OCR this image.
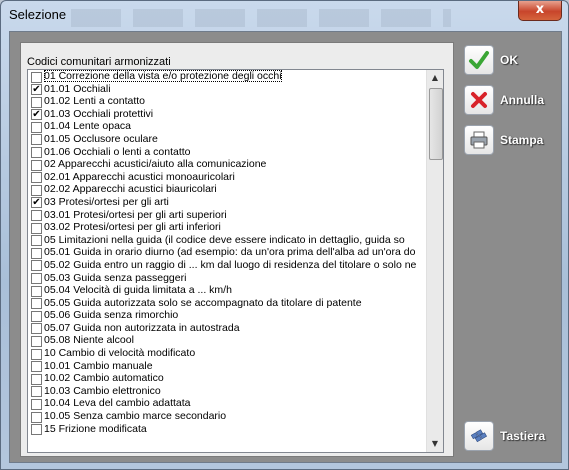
Selezione	x
Codici comunitari armonizzati
01 Correzione della vista e/o protezione degli occhi
✔ 01.01 Occhiali
01.02 Lenti a contatto
✔ 01.03 Occhiali protettivi
01.04 Lente opaca
01.05 Occlusore oculare
01.06 Occhiali o lenti a contatto
02 Apparecchi acustici/aiuto alla comunicazione
02.01 Apparecchi acustici monoauricolari
02.02 Apparecchi acustici biauricolari
✔ 03 Protesi/ortesi per gli arti
03.01 Protesi/ortesi per gli arti superiori
03.02 Protesi/ortesi per gli arti inferiori
05 Limitazioni nella guida (il codice deve essere indicato in dettaglio, guida so
05.01 Guida in orario diurno (ad esempio: da un'ora prima dell'alba ad un'ora do
05.02 Guida entro un raggio di ... km dal luogo di residenza del titolare o solo ne
05.03 Guida senza passeggeri
05.04 Velocità di guida limitata a ... km/h
05.05 Guida autorizzata solo se accompagnato da titolare di patente
05.06 Guida senza rimorchio
05.07 Guida non autorizzata in autostrada
05.08 Niente alcool
10 Cambio di velocità modificato
10.01 Cambio manuale
10.02 Cambio automatico
10.03 Cambio elettronico
10.04 Leva del cambio adattata
10.05 Senza cambio marce secondario
15 Frizione modificata
▲
▼
OK
Annulla
Stampa
Tastiera
